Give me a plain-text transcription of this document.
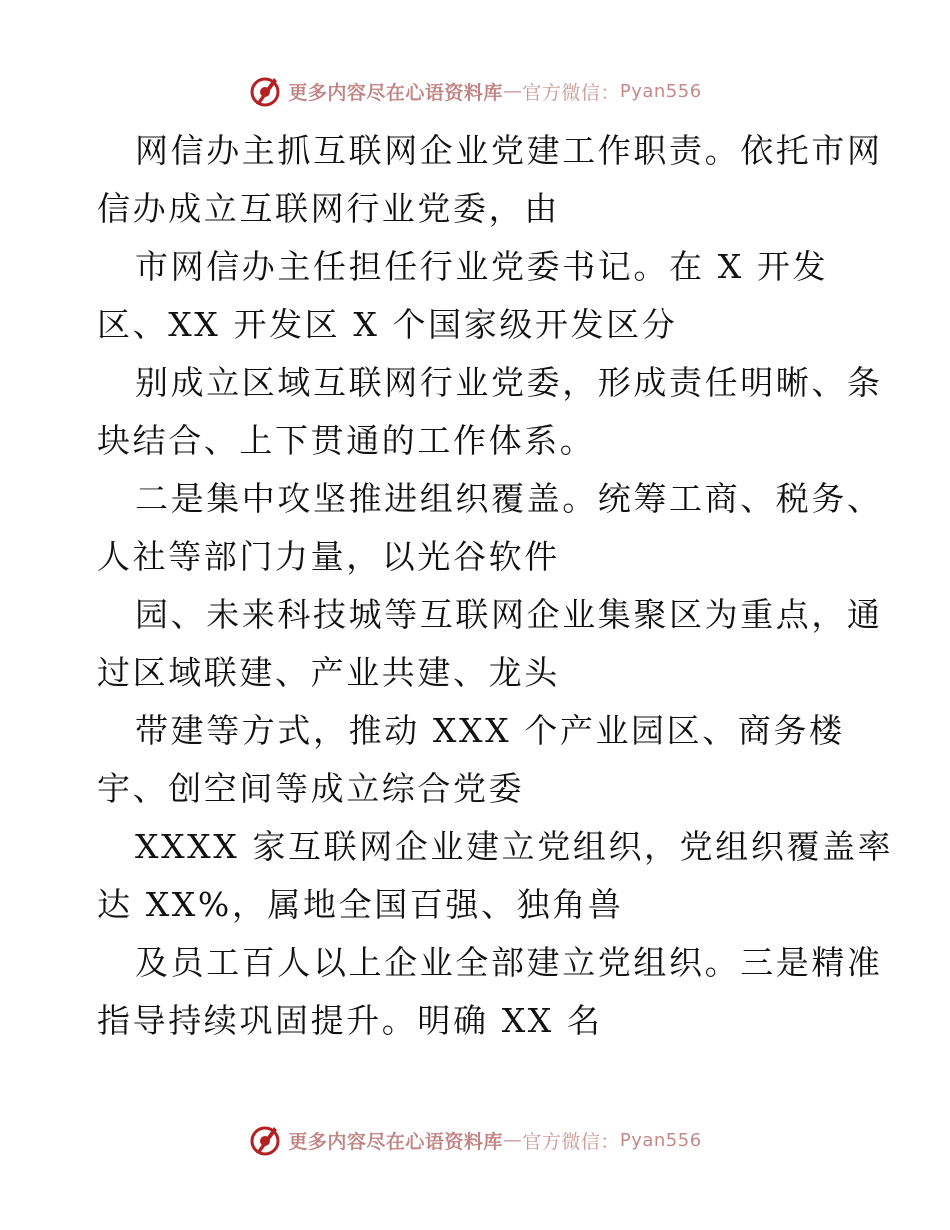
更多内容尽在心语资料库 — 官方微信： Pyan556
网信办主抓互联网企业党建工作职责。依托市网
信办成立互联网行业党委，由
市网信办主任担任行业党委书记。在 X 开发
区、XX 开发区 X 个国家级开发区分
别成立区域互联网行业党委，形成责任明晰、条
块结合、上下贯通的工作体系。
二是集中攻坚推进组织覆盖。统筹工商、税务、
人社等部门力量，以光谷软件
园、未来科技城等互联网企业集聚区为重点，通
过区域联建、产业共建、龙头
带建等方式，推动 XXX 个产业园区、商务楼
宇、创空间等成立综合党委
XXXX 家互联网企业建立党组织，党组织覆盖率
达 XX%，属地全国百强、独角兽
及员工百人以上企业全部建立党组织。三是精准
指导持续巩固提升。明确 XX 名
更多内容尽在心语资料库 — 官方微信： Pyan556
